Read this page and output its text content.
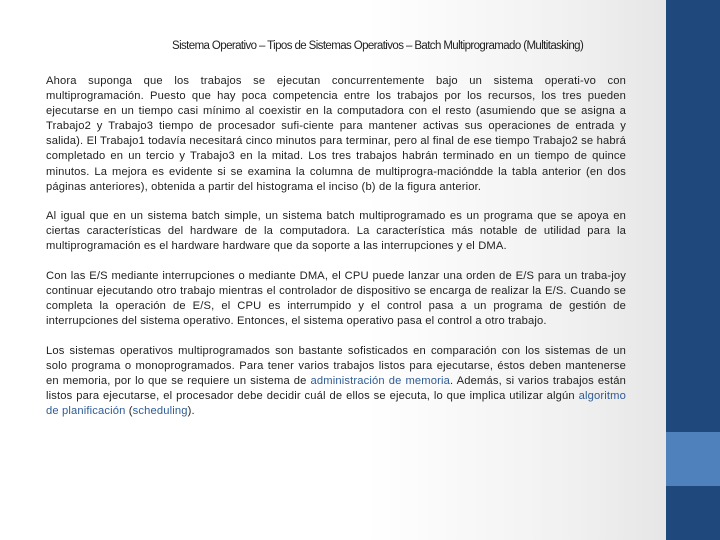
Sistema Operativo – Tipos de Sistemas Operativos – Batch Multiprogramado (Multitasking)

Ahora suponga que los trabajos se ejecutan concurrentemente bajo un sistema operati-vo con multiprogramación. Puesto que hay poca competencia entre los trabajos por los recursos, los tres pueden ejecutarse en un tiempo casi mínimo al coexistir en la computadora con el resto (asumiendo que se asigna a Trabajo2 y Trabajo3 tiempo de procesador sufi-ciente para mantener activas sus operaciones de entrada y salida). El Trabajo1 todavía necesitará cinco minutos para terminar, pero al final de ese tiempo Trabajo2 se habrá completado en un tercio y Trabajo3 en la mitad. Los tres trabajos habrán terminado en un tiempo de quince minutos. La mejora es evidente si se examina la columna de multiprogra-macióndde la tabla anterior (en dos páginas anteriores), obtenida a partir del histograma el inciso (b) de la figura anterior.

Al igual que en un sistema batch simple, un sistema batch multiprogramado es un programa que se apoya en ciertas características del hardware de la computadora. La característica más notable de utilidad para la multiprogramación es el hardware hardware que da soporte a las interrupciones y el DMA.

Con las E/S mediante interrupciones o mediante DMA, el CPU puede lanzar una orden de E/S para un traba-joy continuar ejecutando otro trabajo mientras el controlador de dispositivo se encarga de realizar la E/S. Cuando se completa la operación de E/S, el CPU es interrumpido y el control pasa a un programa de gestión de interrupciones del sistema operativo. Entonces, el sistema operativo pasa el control a otro trabajo.

Los sistemas operativos multiprogramados son bastante sofisticados en comparación con los sistemas de un solo programa o monoprogramados. Para tener varios trabajos listos para ejecutarse, éstos deben mantenerse en memoria, por lo que se requiere un sistema de administración de memoria. Además, si varios trabajos están listos para ejecutarse, el procesador debe decidir cuál de ellos se ejecuta, lo que implica utilizar algún algoritmo de planificación (scheduling).
